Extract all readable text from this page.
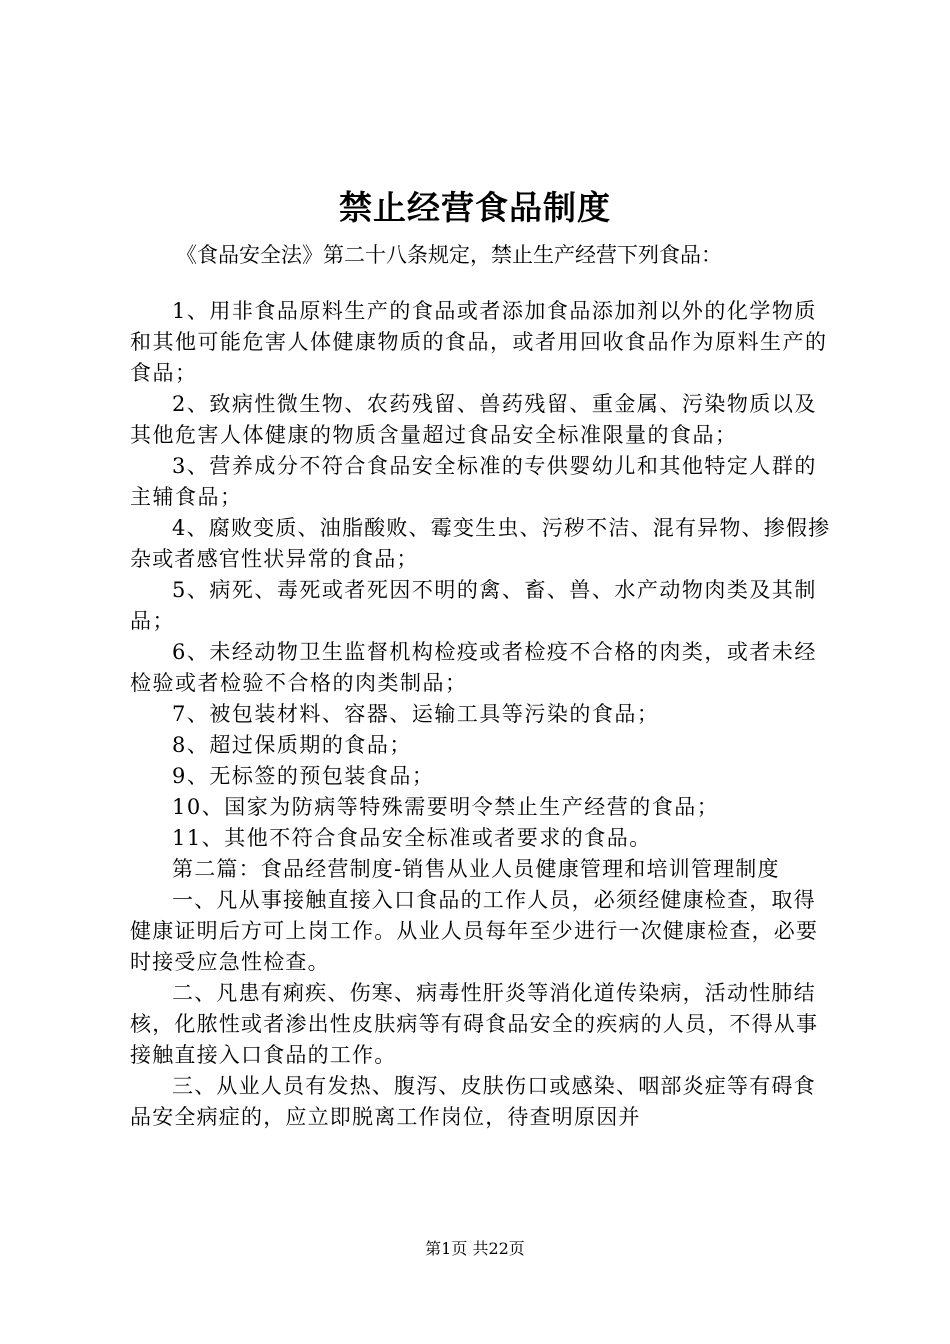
禁止经营食品制度
《食品安全法》第二十八条规定，禁止生产经营下列食品：

1、用非食品原料生产的食品或者添加食品添加剂以外的化学物质和其他可能危害人体健康物质的食品，或者用回收食品作为原料生产的食品；

2、致病性微生物、农药残留、兽药残留、重金属、污染物质以及其他危害人体健康的物质含量超过食品安全标准限量的食品；

3、营养成分不符合食品安全标准的专供婴幼儿和其他特定人群的主辅食品；

4、腐败变质、油脂酸败、霉变生虫、污秽不洁、混有异物、掺假掺杂或者感官性状异常的食品；

5、病死、毒死或者死因不明的禽、畜、兽、水产动物肉类及其制品；

6、未经动物卫生监督机构检疫或者检疫不合格的肉类，或者未经检验或者检验不合格的肉类制品；

7、被包装材料、容器、运输工具等污染的食品；

8、超过保质期的食品；

9、无标签的预包装食品；

10、国家为防病等特殊需要明令禁止生产经营的食品；

11、其他不符合食品安全标准或者要求的食品。

第二篇：食品经营制度-销售从业人员健康管理和培训管理制度

一、凡从事接触直接入口食品的工作人员，必须经健康检查，取得健康证明后方可上岗工作。从业人员每年至少进行一次健康检查，必要时接受应急性检查。

二、凡患有痢疾、伤寒、病毒性肝炎等消化道传染病，活动性肺结核，化脓性或者渗出性皮肤病等有碍食品安全的疾病的人员，不得从事接触直接入口食品的工作。

三、从业人员有发热、腹泻、皮肤伤口或感染、咽部炎症等有碍食品安全病症的，应立即脱离工作岗位，待查明原因并

第1页 共22页
